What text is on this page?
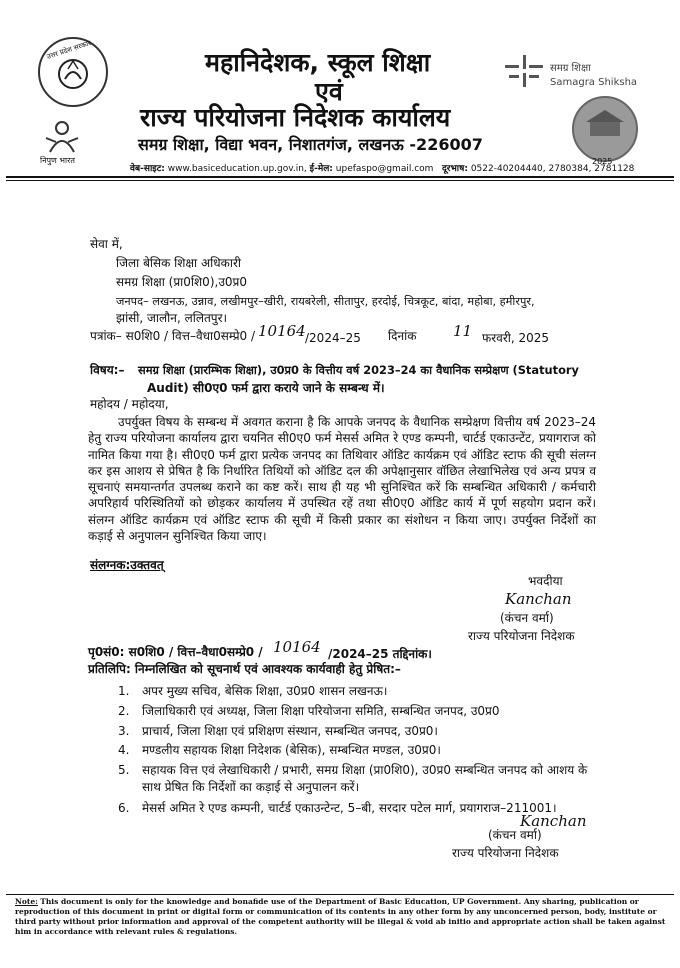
उत्तर प्रदेश सरकार
निपुण भारत
समग्र शिक्षा
Samagra Shiksha
2025
महानिदेशक, स्कूल शिक्षा
एवं
राज्य परियोजना निदेशक कार्यालय
समग्र शिक्षा, विद्या भवन, निशातगंज, लखनऊ -226007
वेब-साइट: www.basiceducation.up.gov.in, ई-मेल: upefaspo@gmail.com दूरभाष: 0522-40204440, 2780384, 2781128
सेवा में,
जिला बेसिक शिक्षा अधिकारी
समग्र शिक्षा (प्रा0शि0),उ0प्र0
जनपद– लखनऊ, उन्नाव, लखीमपुर–खीरी, रायबरेली, सीतापुर, हरदोई, चित्रकूट, बांदा, महोबा, हमीरपुर,
झांसी, जालौन, ललितपुर।
पत्रांक– स0शि0 / वित्त–वैधा0सम्प्रे0 / 10164 /2024–25 दिनांक 11 फरवरी, 2025
विषय:– समग्र शिक्षा (प्रारम्भिक शिक्षा), उ0प्र0 के वित्तीय वर्ष 2023–24 का वैधानिक सम्प्रेक्षण (Statutory
Audit) सी0ए0 फर्म द्वारा कराये जाने के सम्बन्ध में।
महोदय / महोदया,
उपर्युक्त विषय के सम्बन्ध में अवगत कराना है कि आपके जनपद के वैधानिक सम्प्रेक्षण वित्तीय वर्ष 2023–24 हेतु राज्य परियोजना कार्यालय द्वारा चयनित सी0ए0 फर्म मेसर्स अमित रे एण्ड कम्पनी, चार्टर्ड एकाउन्टेंट, प्रयागराज को नामित किया गया है। सी0ए0 फर्म द्वारा प्रत्येक जनपद का तिथिवार ऑडिट कार्यक्रम एवं ऑडिट स्टाफ की सूची संलग्न कर इस आशय से प्रेषित है कि निर्धारित तिथियों को ऑडिट दल की अपेक्षानुसार वॉछित लेखाभिलेख एवं अन्य प्रपत्र व सूचनाएं समयान्तर्गत उपलब्ध कराने का कष्ट करें। साथ ही यह भी सुनिश्चित करें कि सम्बन्धित अधिकारी / कर्मचारी अपरिहार्य परिस्थितियों को छोड़कर कार्यालय में उपस्थित रहें तथा सी0ए0 ऑडिट कार्य में पूर्ण सहयोग प्रदान करें। संलग्न ऑडिट कार्यक्रम एवं ऑडिट स्टाफ की सूची में किसी प्रकार का संशोधन न किया जाए। उपर्युक्त निर्देशों का कड़ाई से अनुपालन सुनिश्चित किया जाए।
संलग्नक:उक्तवत्
भवदीया
Kanchan
(कंचन वर्मा)
राज्य परियोजना निदेशक
पृ0सं0: स0शि0 / वित्त–वैधा0सम्प्रे0 / 10164 /2024–25 तद्दिनांक।
प्रतिलिपि: निम्नलिखित को सूचनार्थ एवं आवश्यक कार्यवाही हेतु प्रेषित:–
1. अपर मुख्य सचिव, बेसिक शिक्षा, उ0प्र0 शासन लखनऊ।
2. जिलाधिकारी एवं अध्यक्ष, जिला शिक्षा परियोजना समिति, सम्बन्धित जनपद, उ0प्र0
3. प्राचार्य, जिला शिक्षा एवं प्रशिक्षण संस्थान, सम्बन्धित जनपद, उ0प्र0।
4. मण्डलीय सहायक शिक्षा निदेशक (बेसिक), सम्बन्धित मण्डल, उ0प्र0।
5. सहायक वित्त एवं लेखाधिकारी / प्रभारी, समग्र शिक्षा (प्रा0शि0), उ0प्र0 सम्बन्धित जनपद को आशय के साथ प्रेषित कि निर्देशों का कड़ाई से अनुपालन करें।
6. मेसर्स अमित रे एण्ड कम्पनी, चार्टर्ड एकाउन्टेन्ट, 5–बी, सरदार पटेल मार्ग, प्रयागराज–211001।
Kanchan
(कंचन वर्मा)
राज्य परियोजना निदेशक
Note: This document is only for the knowledge and bonafide use of the Department of Basic Education, UP Government. Any sharing, publication or reproduction of this document in print or digital form or communication of its contents in any other form by any unconcerned person, body, institute or third party without prior information and approval of the competent authority will be illegal & void ab initio and appropriate action shall be taken against him in accordance with relevant rules & regulations.
